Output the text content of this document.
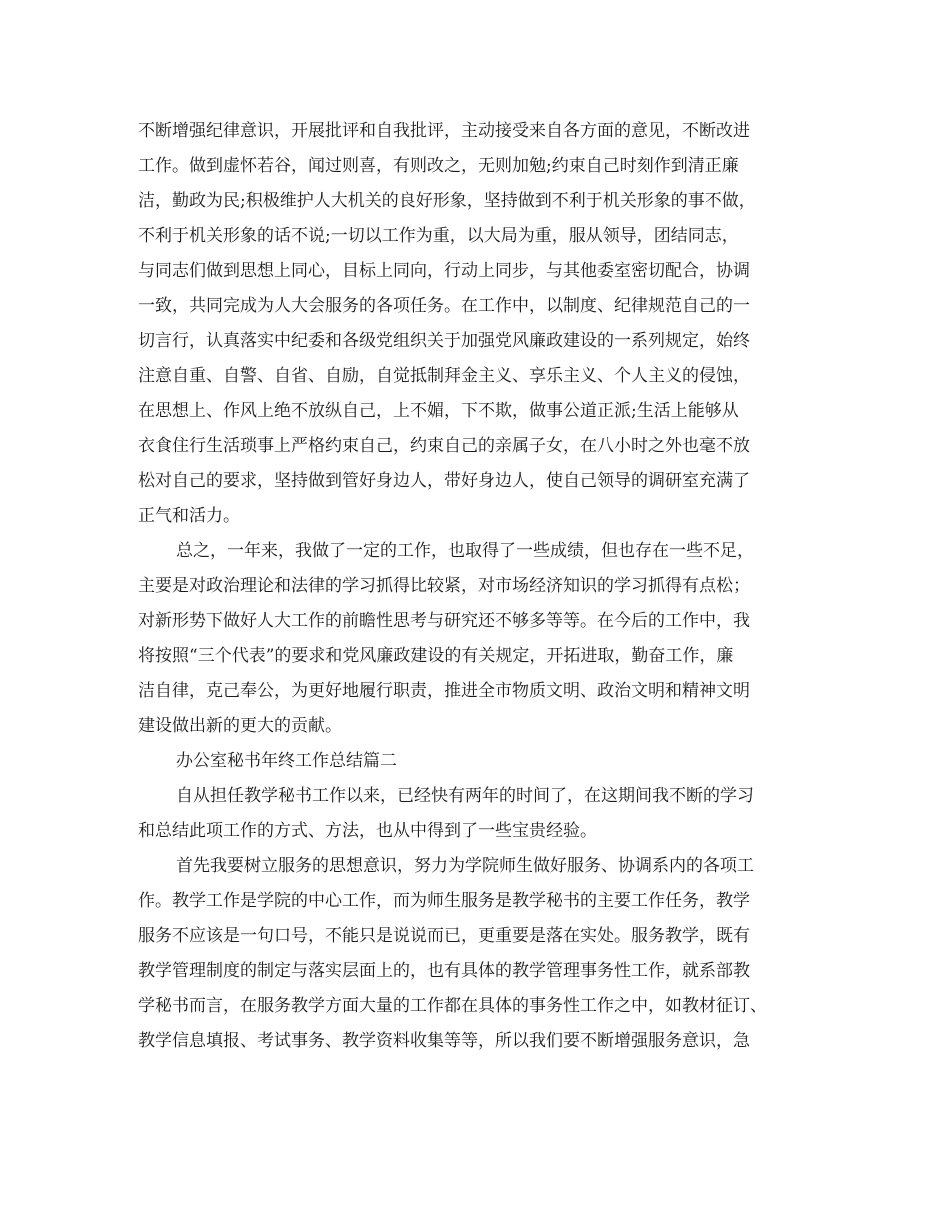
不断增强纪律意识，开展批评和自我批评，主动接受来自各方面的意见，不断改进

工作。做到虚怀若谷，闻过则喜，有则改之，无则加勉;约束自己时刻作到清正廉

洁，勤政为民;积极维护人大机关的良好形象，坚持做到不利于机关形象的事不做，

不利于机关形象的话不说;一切以工作为重，以大局为重，服从领导，团结同志，

与同志们做到思想上同心，目标上同向，行动上同步，与其他委室密切配合，协调

一致，共同完成为人大会服务的各项任务。在工作中，以制度、纪律规范自己的一

切言行，认真落实中纪委和各级党组织关于加强党风廉政建设的一系列规定，始终

注意自重、自警、自省、自励，自觉抵制拜金主义、享乐主义、个人主义的侵蚀，

在思想上、作风上绝不放纵自己，上不媚，下不欺，做事公道正派;生活上能够从

衣食住行生活琐事上严格约束自己，约束自己的亲属子女，在八小时之外也毫不放

松对自己的要求，坚持做到管好身边人，带好身边人，使自己领导的调研室充满了

正气和活力。

总之，一年来，我做了一定的工作，也取得了一些成绩，但也存在一些不足，

主要是对政治理论和法律的学习抓得比较紧，对市场经济知识的学习抓得有点松；

对新形势下做好人大工作的前瞻性思考与研究还不够多等等。在今后的工作中，我

将按照“三个代表”的要求和党风廉政建设的有关规定，开拓进取，勤奋工作，廉

洁自律，克己奉公，为更好地履行职责，推进全市物质文明、政治文明和精神文明

建设做出新的更大的贡献。

办公室秘书年终工作总结篇二

自从担任教学秘书工作以来，已经快有两年的时间了，在这期间我不断的学习

和总结此项工作的方式、方法，也从中得到了一些宝贵经验。

首先我要树立服务的思想意识，努力为学院师生做好服务、协调系内的各项工

作。教学工作是学院的中心工作，而为师生服务是教学秘书的主要工作任务，教学

服务不应该是一句口号，不能只是说说而已，更重要是落在实处。服务教学，既有

教学管理制度的制定与落实层面上的，也有具体的教学管理事务性工作，就系部教

学秘书而言，在服务教学方面大量的工作都在具体的事务性工作之中，如教材征订、

教学信息填报、考试事务、教学资料收集等等，所以我们要不断增强服务意识，急
